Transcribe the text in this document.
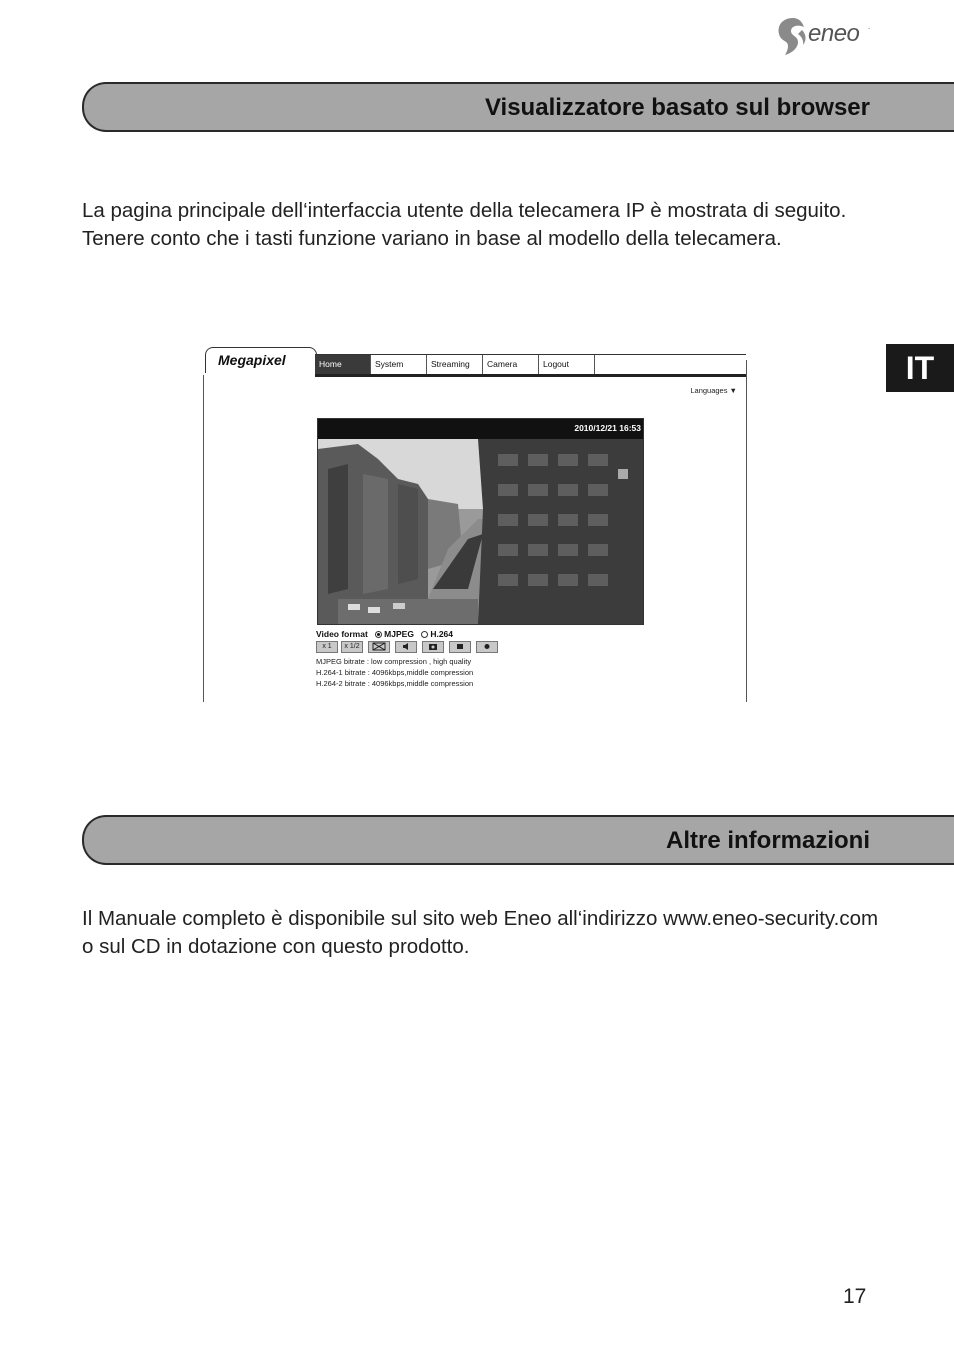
eneo .
Visualizzatore basato sul browser

La pagina principale dell‘interfaccia utente della telecamera IP è mostrata di seguito. Tenere conto che i tasti funzione variano in base al modello della telecamera.

IT
Megapixel	Home	System	Streaming	Camera	Logout
Languages ▼
2010/12/21 16:53
Video format MJPEG H.264
x 1	x 1/2
MJPEG bitrate : low compression , high quality
H.264-1 bitrate : 4096kbps,middle compression
H.264-2 bitrate : 4096kbps,middle compression
Altre informazioni

Il Manuale completo è disponibile sul sito web Eneo all‘indirizzo www.eneo-security.com o sul CD in dotazione con questo prodotto.

17
